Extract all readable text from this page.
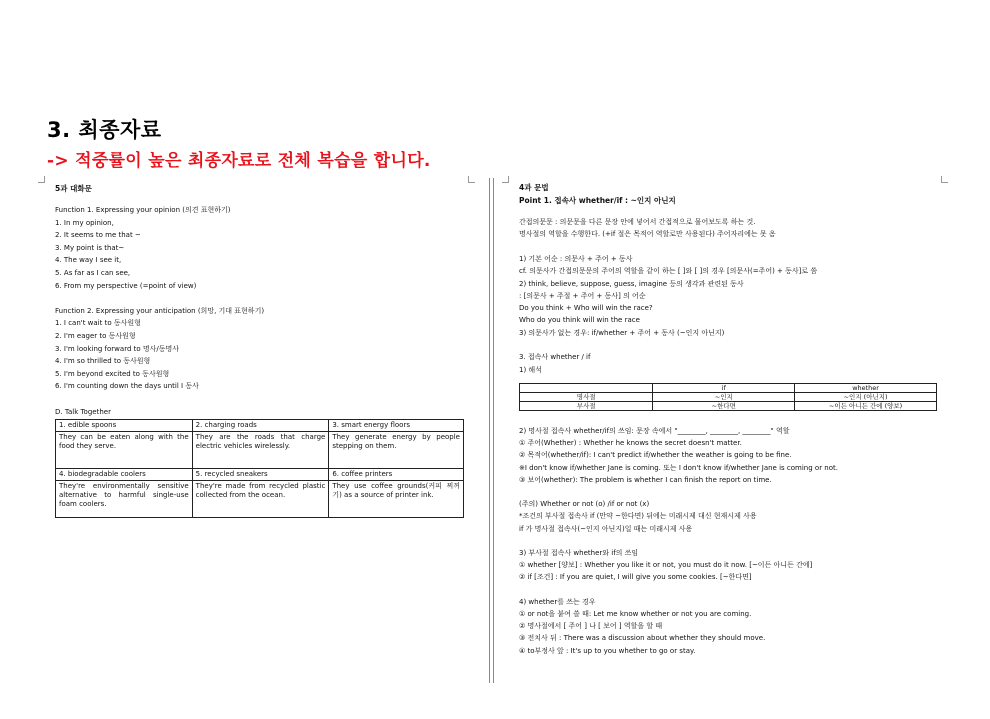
3. 최종자료
-> 적중률이 높은 최종자료로 전체 복습을 합니다.
5과 대화문
Function 1. Expressing your opinion (의견 표현하기)
1. In my opinion,
2. It seems to me that ~
3. My point is that~
4. The way I see it,
5. As far as I can see,
6. From my perspective (=point of view)
Function 2. Expressing your anticipation (희망, 기대 표현하기)
1. I can't wait to 동사원형
2. I'm eager to 동사원형
3. I'm looking forward to 명사/동명사
4. I'm so thrilled to 동사원형
5. I'm beyond excited to 동사원형
6. I'm counting down the days until I 동사
D. Talk Together
1. edible spoons	2. charging roads	3. smart energy floors
They can be eaten along with the food they serve.	They are the roads that charge electric vehicles wirelessly.	They generate energy by people stepping on them.
4. biodegradable coolers	5. recycled sneakers	6. coffee printers
They're environmentally sensitive alternative to harmful single-use foam coolers.	They're made from recycled plastic collected from the ocean.	They use coffee grounds(커피 찌꺼기) as a source of printer ink.
4과 문법
Point 1. 접속사 whether/if : ~인지 아닌지
간접의문문 : 의문문을 다른 문장 안에 넣어서 간접적으로 물어보도록 하는 것.
명사절의 역할을 수행한다. (+if 절은 목적어 역할로만 사용된다) 주어자리에는 못 옴
1) 기본 어순 : 의문사 + 주어 + 동사
cf. 의문사가 간접의문문의 주어의 역할을 같이 하는 [ ]와 [ ]의 경우 [의문사(=주어) + 동사]로 씀
2) think, believe, suppose, guess, imagine 등의 생각과 관련된 동사
: [의문사 + 주절 + 주어 + 동사] 의 어순
Do you think + Who will win the race?
Who do you think will win the race
3) 의문사가 없는 경우: if/whether + 주어 + 동사 (~인지 아닌지)
3. 접속사 whether / if
1) 해석
	if	whether
명사절	~인지	~인지 (아닌지)
부사절	~한다면	~이든 아니든 간에 (양보)
2) 명사절 접속사 whether/if의 쓰임: 문장 속에서 "________, ________, ________" 역할
① 주어(Whether) : Whether he knows the secret doesn't matter.
② 목적어(whether/if): I can't predict if/whether the weather is going to be fine.
※I don't know if/whether Jane is coming. 또는 I don't know if/whether Jane is coming or not.
③ 보어(whether): The problem is whether I can finish the report on time.
(주의) Whether or not (o) /if or not (x)
*조건의 부사절 접속사 if (만약 ~한다면) 뒤에는 미래시제 대신 현재시제 사용
if 가 명사절 접속사(~인지 아닌지)일 때는 미래시제 사용
3) 부사절 접속사 whether와 if의 쓰임
① whether [양보] : Whether you like it or not, you must do it now. [~이든 아니든 간에]
② if [조건] : If you are quiet, I will give you some cookies. [~한다면]
4) whether를 쓰는 경우
① or not을 붙여 쓸 때: Let me know whether or not you are coming.
② 명사절에서 [ 주어 ] 나 [ 보어 ] 역할을 할 때
③ 전치사 뒤 : There was a discussion about whether they should move.
④ to부정사 앞 : It's up to you whether to go or stay.
